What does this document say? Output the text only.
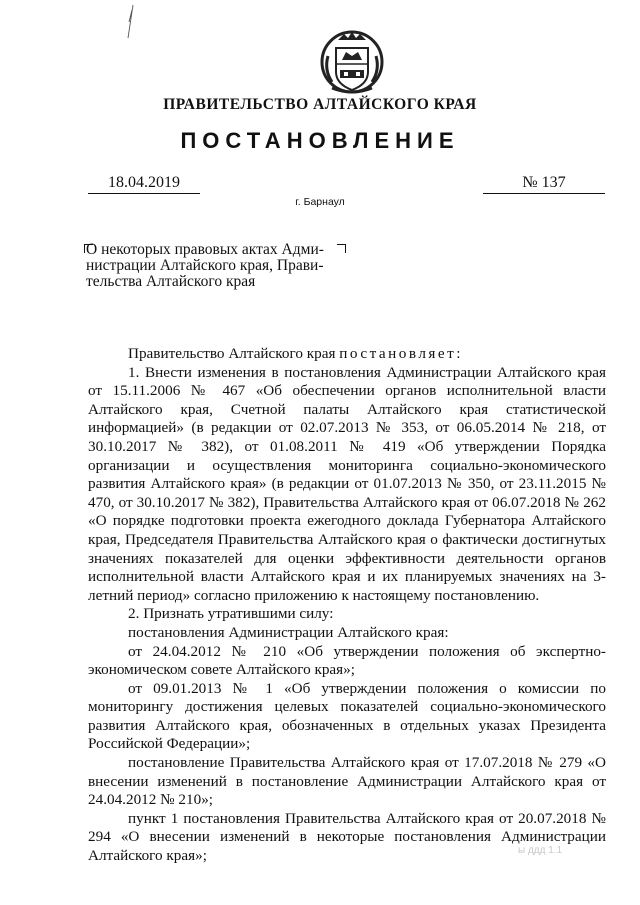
ПРАВИТЕЛЬСТВО АЛТАЙСКОГО КРАЯ
ПОСТАНОВЛЕНИЕ
18.04.2019	№ 137
г. Барнаул
О некоторых правовых актах Адми-
нистрации Алтайского края, Прави-
тельства Алтайского края

Правительство Алтайского края постановляет:

1. Внести изменения в постановления Администрации Алтайского края от 15.11.2006 № 467 «Об обеспечении органов исполнительной власти Алтайского края, Счетной палаты Алтайского края статистической информацией» (в редакции от 02.07.2013 № 353, от 06.05.2014 № 218, от 30.10.2017 № 382), от 01.08.2011 № 419 «Об утверждении Порядка организации и осуществления мониторинга социально-экономического развития Алтайского края» (в редакции от 01.07.2013 № 350, от 23.11.2015 № 470, от 30.10.2017 № 382), Правительства Алтайского края от 06.07.2018 № 262 «О порядке подготовки проекта ежегодного доклада Губернатора Алтайского края, Председателя Правительства Алтайского края о фактически достигнутых значениях показателей для оценки эффективности деятельности органов исполнительной власти Алтайского края и их планируемых значениях на 3-летний период» согласно приложению к настоящему постановлению.

2. Признать утратившими силу:

постановления Администрации Алтайского края:

от 24.04.2012 № 210 «Об утверждении положения об экспертно-экономическом совете Алтайского края»;

от 09.01.2013 № 1 «Об утверждении положения о комиссии по мониторингу достижения целевых показателей социально-экономического развития Алтайского края, обозначенных в отдельных указах Президента Российской Федерации»;

постановление Правительства Алтайского края от 17.07.2018 № 279 «О внесении изменений в постановление Администрации Алтайского края от 24.04.2012 № 210»;

пункт 1 постановления Правительства Алтайского края от 20.07.2018 № 294 «О внесении изменений в некоторые постановления Администрации Алтайского края»;	ы ддд 1.1
